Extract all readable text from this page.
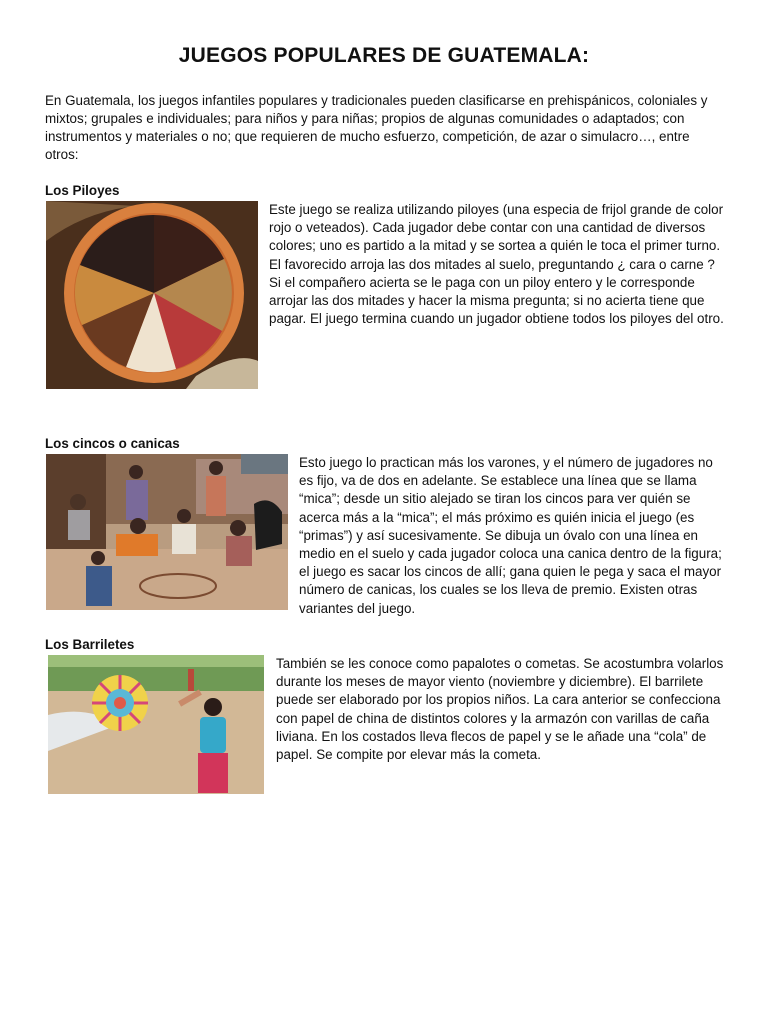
JUEGOS POPULARES DE GUATEMALA:

En Guatemala, los juegos infantiles populares y tradicionales pueden clasificarse en prehispánicos, coloniales y mixtos; grupales e individuales; para niños y para niñas; propios de algunas comunidades o adaptados; con instrumentos y materiales o no; que requieren de mucho esfuerzo, competición, de azar o simulacro…, entre otros:

Los Piloyes

Este juego se realiza utilizando piloyes (una especia de frijol grande de color rojo o veteados). Cada jugador debe contar con una cantidad de diversos colores; uno es partido a la mitad y se sortea a quién le toca el primer turno. El favorecido arroja las dos mitades al suelo, preguntando ¿ cara o carne ? Si el compañero acierta se le paga con un piloy entero y le corresponde arrojar las dos mitades y hacer la misma pregunta; si no acierta tiene que pagar. El juego termina cuando un jugador obtiene todos los piloyes del otro.

Los cincos o canicas

Esto juego lo practican más los varones, y el número de jugadores no es fijo, va de dos en adelante. Se establece una línea que se llama “mica”; desde un sitio alejado se tiran los cincos para ver quién se acerca más a la “mica”; el más próximo es quién inicia el juego (es “primas”) y así sucesivamente. Se dibuja un óvalo con una línea en medio en el suelo y cada jugador coloca una canica dentro de la figura; el juego es sacar los cincos de allí; gana quien le pega y saca el mayor número de canicas, los cuales se los lleva de premio. Existen otras variantes del juego.

Los Barriletes

También se les conoce como papalotes o cometas. Se acostumbra volarlos durante los meses de mayor viento (noviembre y diciembre). El barrilete puede ser elaborado por los propios niños. La cara anterior se confecciona con papel de china de distintos colores y la armazón con varillas de caña liviana. En los costados lleva flecos de papel y se le añade una “cola” de papel. Se compite por elevar más la cometa.
